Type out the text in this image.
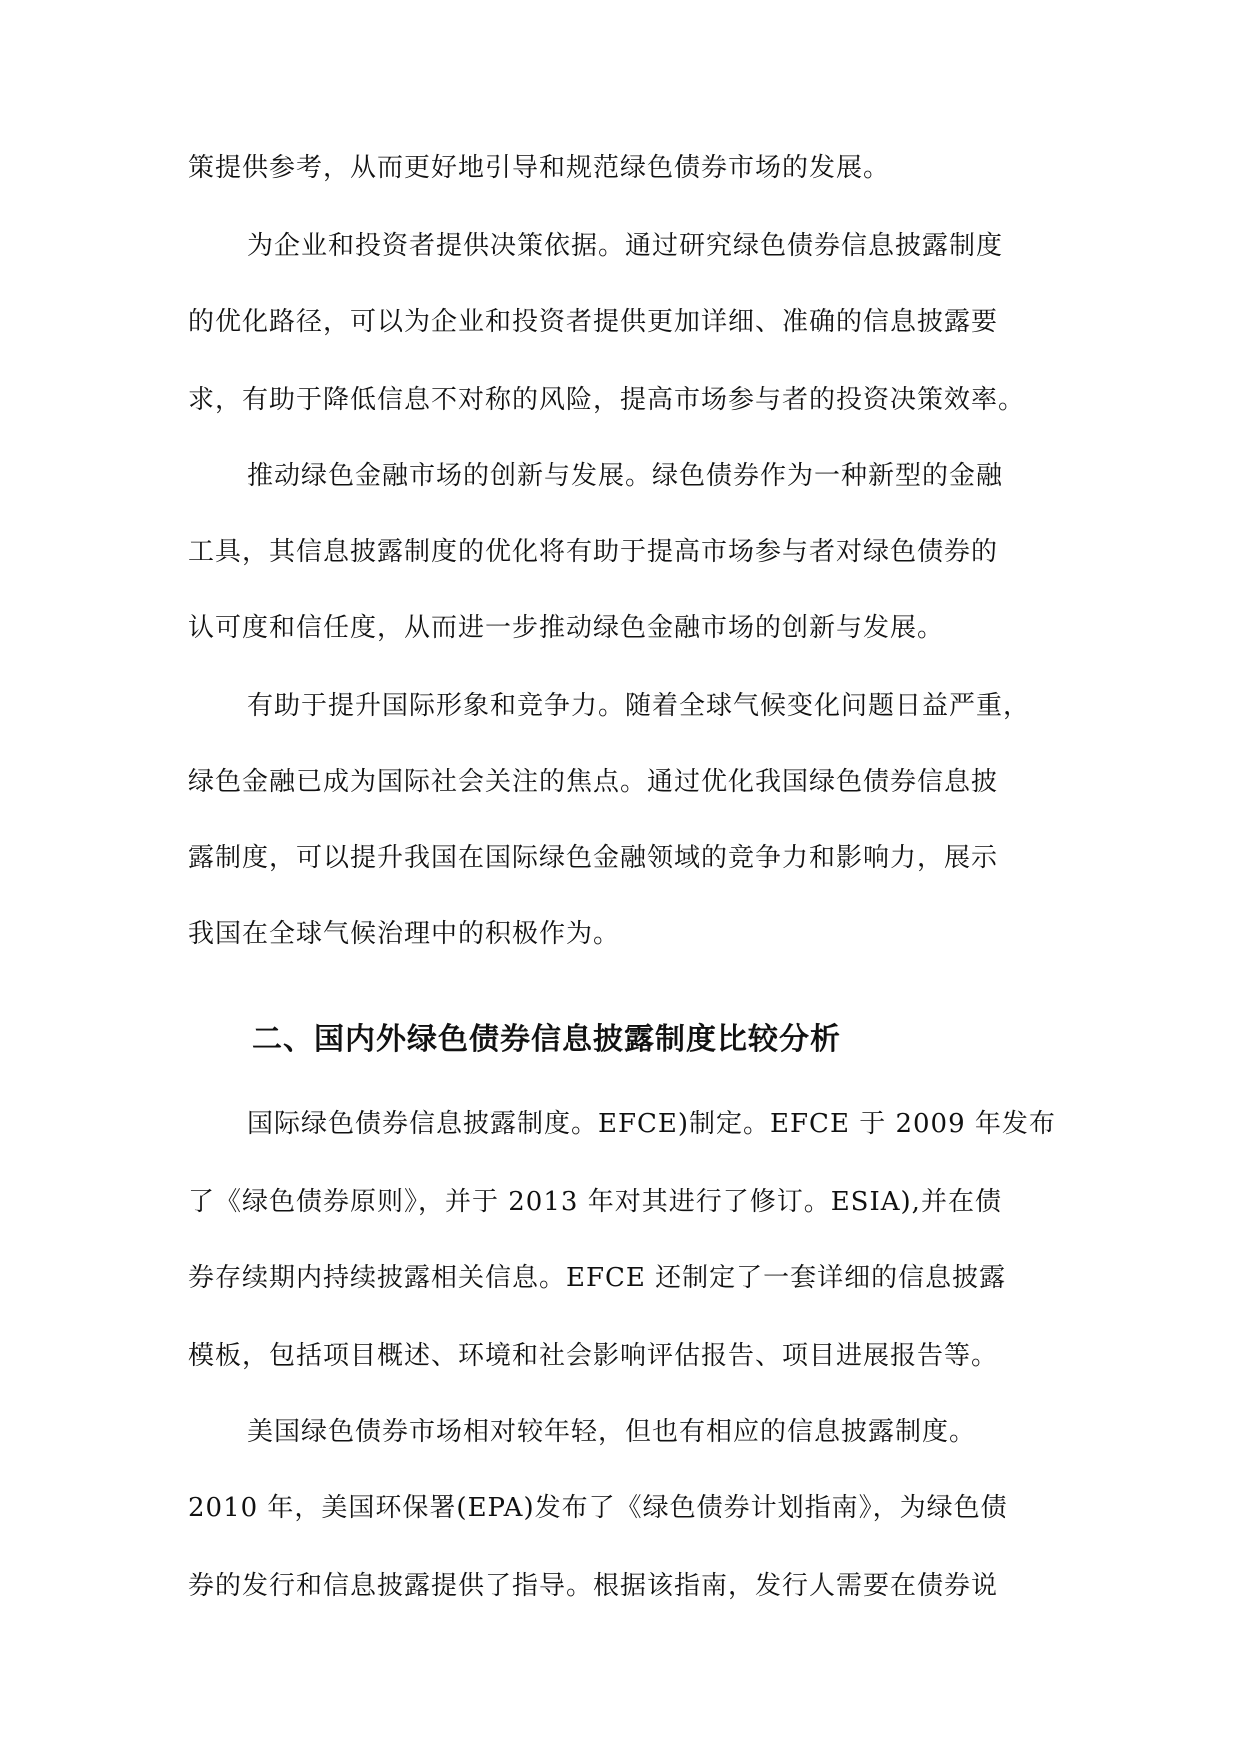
策提供参考，从而更好地引导和规范绿色债券市场的发展。
为企业和投资者提供决策依据。通过研究绿色债券信息披露制度
的优化路径，可以为企业和投资者提供更加详细、准确的信息披露要
求，有助于降低信息不对称的风险，提高市场参与者的投资决策效率。
推动绿色金融市场的创新与发展。绿色债券作为一种新型的金融
工具，其信息披露制度的优化将有助于提高市场参与者对绿色债券的
认可度和信任度，从而进一步推动绿色金融市场的创新与发展。
有助于提升国际形象和竞争力。随着全球气候变化问题日益严重，
绿色金融已成为国际社会关注的焦点。通过优化我国绿色债券信息披
露制度，可以提升我国在国际绿色金融领域的竞争力和影响力，展示
我国在全球气候治理中的积极作为。
二、国内外绿色债券信息披露制度比较分析
国际绿色债券信息披露制度。EFCE)制定。EFCE 于 2009 年发布
了《绿色债券原则》，并于 2013 年对其进行了修订。ESIA),并在债
券存续期内持续披露相关信息。EFCE 还制定了一套详细的信息披露
模板，包括项目概述、环境和社会影响评估报告、项目进展报告等。
美国绿色债券市场相对较年轻，但也有相应的信息披露制度。
2010 年，美国环保署(EPA)发布了《绿色债券计划指南》，为绿色债
券的发行和信息披露提供了指导。根据该指南，发行人需要在债券说
